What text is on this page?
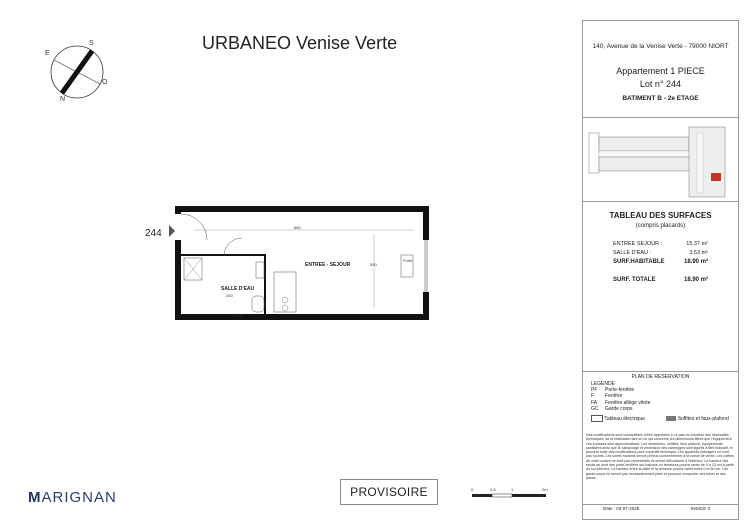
S
E
O
N
URBANEO Venise Verte
244
ENTREE - SEJOUR
SALLE D'EAU
260
660
300
2000
Porte
140, Avenue de la Venise Verte - 79000 NIORT
Appartement 1 PIECE
Lot n° 244
BATIMENT B - 2e ETAGE
TABLEAU DES SURFACES
(compris placards)
ENTREE SEJOUR :	15.37 m²
SALLE D'EAU :	3.53 m²
SURF.HABITABLE	18.90 m²
SURF. TOTALE	18.90 m²
PLAN DE RESERVATION
LEGENDE
PF Porte-fenêtre
F Fenêtre
FA Fenêtre allège vitrée
GC Garde corps
Tableau électrique	Soffites et faux-plafond
Des modifications sont susceptibles d'être apportées à ce plan en fonction des nécessités techniques, de la réalisation tant en ce qui concerne les dimensions filtrés que l'équipement. Les surfaces sont approximatives. Les retombées, soffites, faux plafond, équipements sanitaires ainsi que le calepinage et dimension des carrelages sont figurés à titre indicatif, et peuvent subir des modifications pour impératif technique. Les appareils ménagers ne sont pas fournis. Les volets roulants seront prévus conformément à la notice de vente. Les coffres de volet roulant ne sont pas représentés et seront débordants à l'intérieur. La hauteur des seuils au droit des porte-fenêtres sur balcons ou terrasses pourra varier de 5 à 15 cm à partir du sol intérieur. La hauteur entre la dalle et la terrasse pourra varier entre 0 et 60 cm. Les garde-corps ne seront pas nécessairement plein et pourront comporter des tubes et des panes.
Date : 03-07-2025	INDICE 0
MARIGNAN	PROVISOIRE	0	0.5	1	2m
